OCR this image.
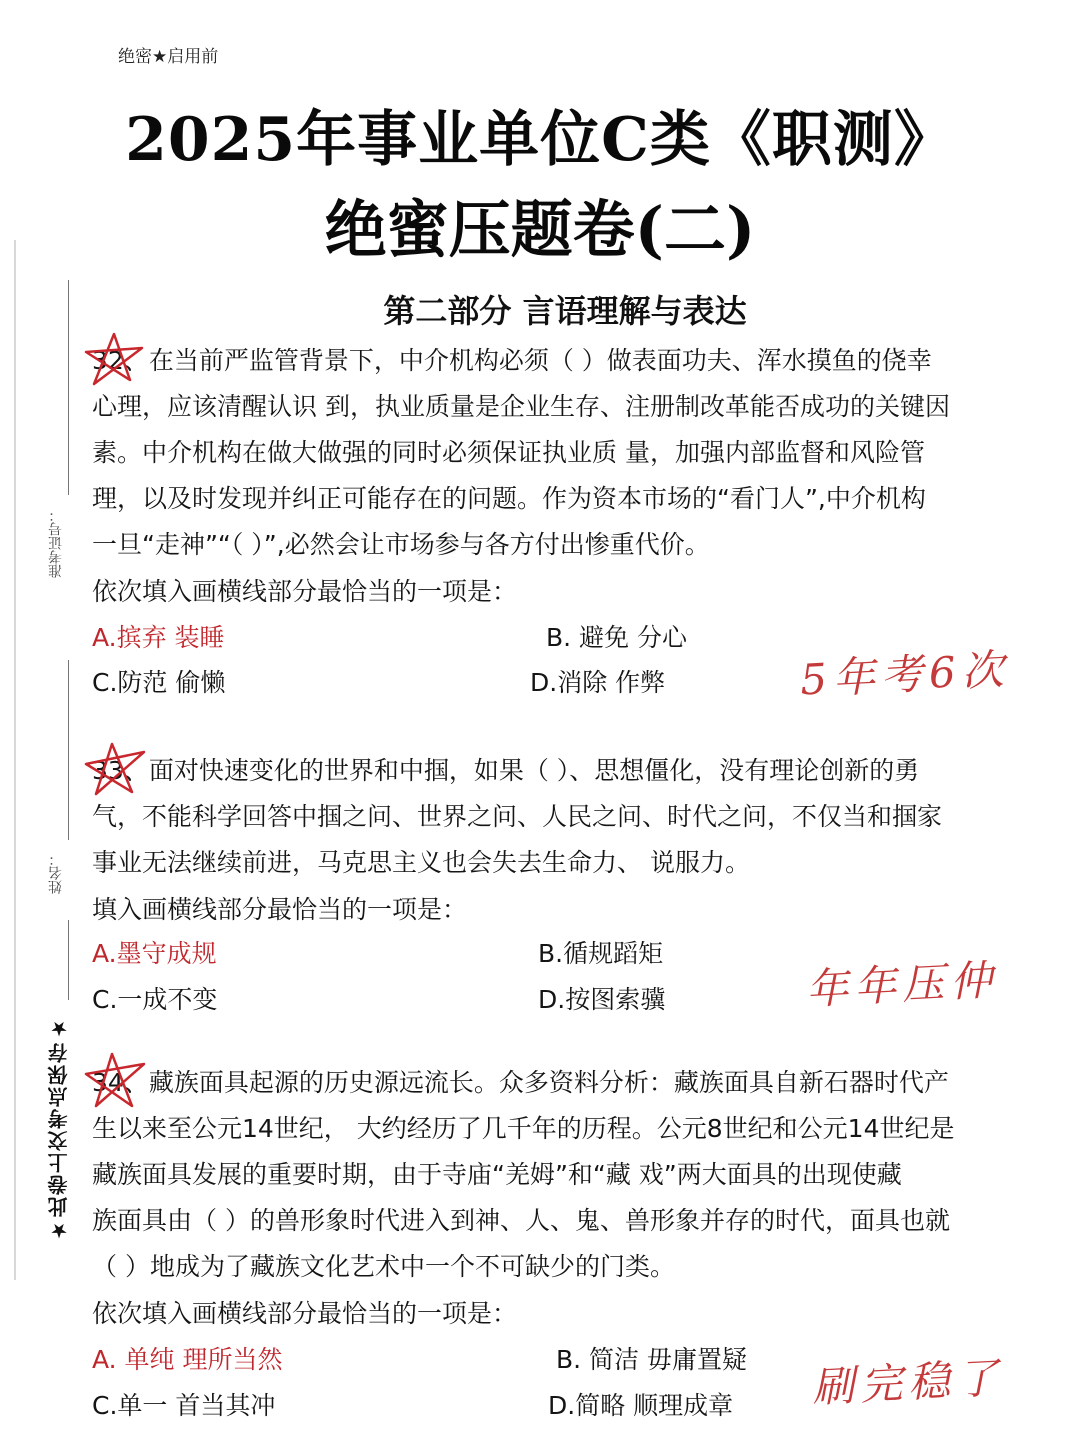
绝密★启用前
2025年事业单位C类《职测》
绝蜜压题卷(二)
第二部分 言语理解与表达
准考证号：
姓名：
★此卷上交考点保存★
32、在当前严监管背景下，中介机构必须（ ）做表面功夫、浑水摸鱼的侥幸
心理，应该清醒认识 到，执业质量是企业生存、注册制改革能否成功的关键因
素。中介机构在做大做强的同时必须保证执业质 量，加强内部监督和风险管
理，以及时发现并纠正可能存在的问题。作为资本市场的“看门人”,中介机构
一旦“走神”“（ ）”,必然会让市场参与各方付出惨重代价。
依次填入画横线部分最恰当的一项是：
A.摈弃 装睡	B. 避免 分心
C.防范 偷懒	D.消除 作弊	5年考6次
33、面对快速变化的世界和中掴，如果（ ）、思想僵化，没有理论创新的勇
气，不能科学回答中掴之问、世界之问、人民之问、时代之问，不仅当和掴家
事业无法继续前进，马克思主义也会失去生命力、 说服力。
填入画横线部分最恰当的一项是：
A.墨守成规	B.循规蹈矩
C.一成不变	D.按图索骥	年年压仲
34、藏族面具起源的历史源远流长。众多资料分析：藏族面具自新石器时代产
生以来至公元14世纪， 大约经历了几千年的历程。公元8世纪和公元14世纪是
藏族面具发展的重要时期，由于寺庙“羌姆”和“藏 戏”两大面具的出现使藏
族面具由（ ）的兽形象时代进入到神、人、鬼、兽形象并存的时代，面具也就
（ ）地成为了藏族文化艺术中一个不可缺少的门类。
依次填入画横线部分最恰当的一项是：
A. 单纯 理所当然	B. 简洁 毋庸置疑
C.单一 首当其冲	D.简略 顺理成章 刷完稳了
